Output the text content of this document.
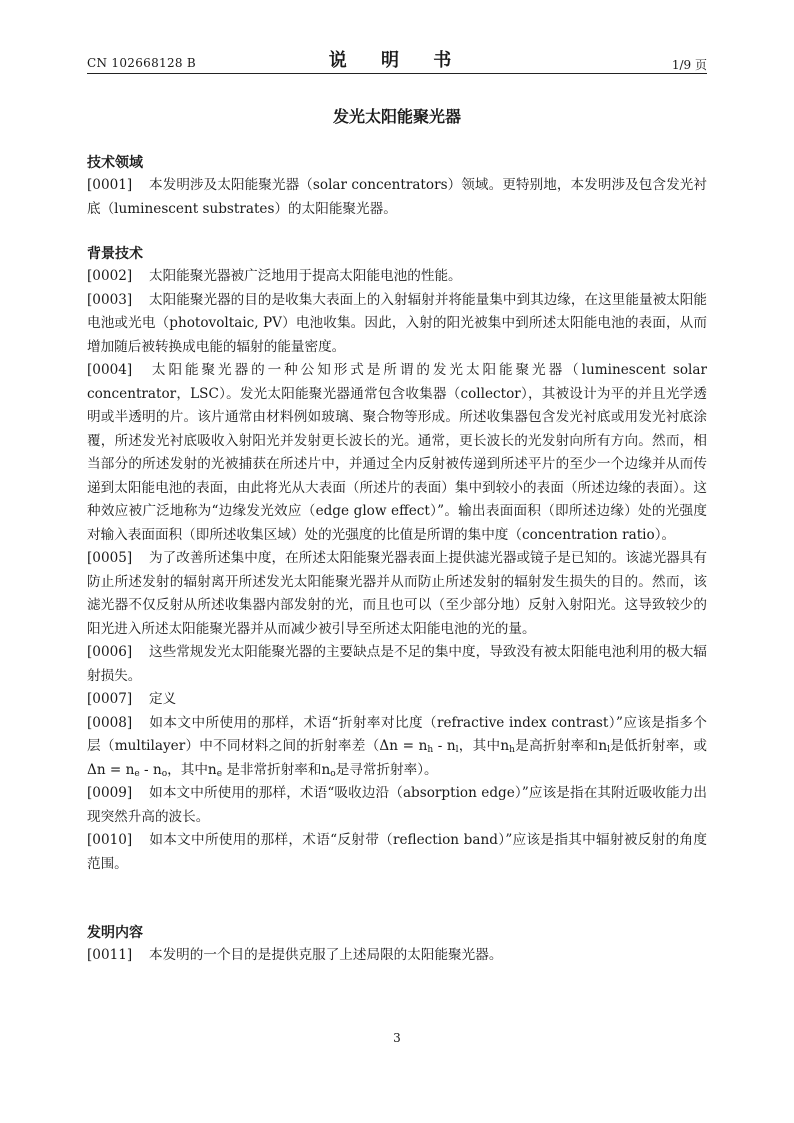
CN 102668128 B	说 明 书	1/9 页
发光太阳能聚光器

技术领域

[0001] 本发明涉及太阳能聚光器（solar concentrators）领域。更特别地，本发明涉及包含发光衬底（luminescent substrates）的太阳能聚光器。

背景技术

[0002] 太阳能聚光器被广泛地用于提高太阳能电池的性能。

[0003] 太阳能聚光器的目的是收集大表面上的入射辐射并将能量集中到其边缘，在这里能量被太阳能电池或光电（photovoltaic, PV）电池收集。因此，入射的阳光被集中到所述太阳能电池的表面，从而增加随后被转换成电能的辐射的能量密度。

[0004] 太阳能聚光器的一种公知形式是所谓的发光太阳能聚光器（luminescent solar concentrator，LSC）。发光太阳能聚光器通常包含收集器（collector），其被设计为平的并且光学透明或半透明的片。该片通常由材料例如玻璃、聚合物等形成。所述收集器包含发光衬底或用发光衬底涂覆，所述发光衬底吸收入射阳光并发射更长波长的光。通常，更长波长的光发射向所有方向。然而，相当部分的所述发射的光被捕获在所述片中，并通过全内反射被传递到所述平片的至少一个边缘并从而传递到太阳能电池的表面，由此将光从大表面（所述片的表面）集中到较小的表面（所述边缘的表面）。这种效应被广泛地称为“边缘发光效应（edge glow effect）”。输出表面面积（即所述边缘）处的光强度对输入表面面积（即所述收集区域）处的光强度的比值是所谓的集中度（concentration ratio）。

[0005] 为了改善所述集中度，在所述太阳能聚光器表面上提供滤光器或镜子是已知的。该滤光器具有防止所述发射的辐射离开所述发光太阳能聚光器并从而防止所述发射的辐射发生损失的目的。然而，该滤光器不仅反射从所述收集器内部发射的光，而且也可以（至少部分地）反射入射阳光。这导致较少的阳光进入所述太阳能聚光器并从而减少被引导至所述太阳能电池的光的量。

[0006] 这些常规发光太阳能聚光器的主要缺点是不足的集中度，导致没有被太阳能电池利用的极大辐射损失。

[0007] 定义

[0008] 如本文中所使用的那样，术语“折射率对比度（refractive index contrast）”应该是指多个层（multilayer）中不同材料之间的折射率差（$\Delta n = n_h - n_l$，其中$n_h$是高折射率和$n_l$是低折射率，或 $\Delta n = n_e - n_o$，其中$n_e$ 是非常折射率和$n_o$是寻常折射率）。

[0009] 如本文中所使用的那样，术语“吸收边沿（absorption edge）”应该是指在其附近吸收能力出现突然升高的波长。

[0010] 如本文中所使用的那样，术语“反射带（reflection band）”应该是指其中辐射被反射的角度范围。

发明内容

[0011] 本发明的一个目的是提供克服了上述局限的太阳能聚光器。

3
